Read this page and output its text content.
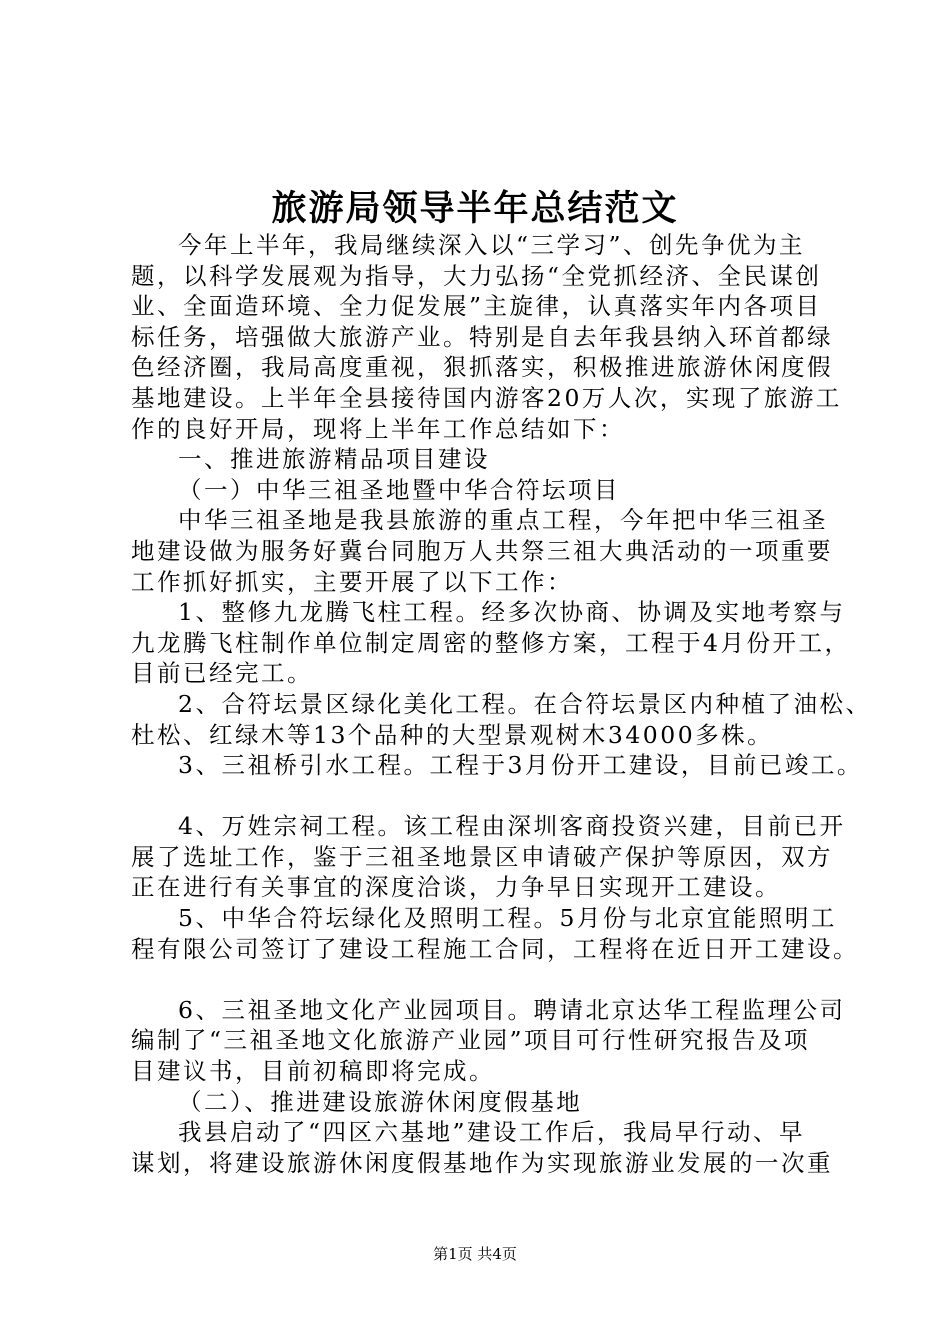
旅游局领导半年总结范文

今年上半年，我局继续深入以“三学习”、创先争优为主

题，以科学发展观为指导，大力弘扬“全党抓经济、全民谋创

业、全面造环境、全力促发展”主旋律，认真落实年内各项目

标任务，培强做大旅游产业。特别是自去年我县纳入环首都绿

色经济圈，我局高度重视，狠抓落实，积极推进旅游休闲度假

基地建设。上半年全县接待国内游客20万人次，实现了旅游工

作的良好开局，现将上半年工作总结如下：

一、推进旅游精品项目建设

（一）中华三祖圣地暨中华合符坛项目

中华三祖圣地是我县旅游的重点工程，今年把中华三祖圣

地建设做为服务好冀台同胞万人共祭三祖大典活动的一项重要

工作抓好抓实，主要开展了以下工作：

1、整修九龙腾飞柱工程。经多次协商、协调及实地考察与

九龙腾飞柱制作单位制定周密的整修方案，工程于4月份开工，

目前已经完工。

2、合符坛景区绿化美化工程。在合符坛景区内种植了油松、

杜松、红绿木等13个品种的大型景观树木34000多株。

3、三祖桥引水工程。工程于3月份开工建设，目前已竣工。

4、万姓宗祠工程。该工程由深圳客商投资兴建，目前已开

展了选址工作，鉴于三祖圣地景区申请破产保护等原因，双方

正在进行有关事宜的深度洽谈，力争早日实现开工建设。

5、中华合符坛绿化及照明工程。5月份与北京宜能照明工

程有限公司签订了建设工程施工合同，工程将在近日开工建设。

6、三祖圣地文化产业园项目。聘请北京达华工程监理公司

编制了“三祖圣地文化旅游产业园”项目可行性研究报告及项

目建议书，目前初稿即将完成。

（二）、推进建设旅游休闲度假基地

我县启动了“四区六基地”建设工作后，我局早行动、早

谋划，将建设旅游休闲度假基地作为实现旅游业发展的一次重

第1页 共4页
